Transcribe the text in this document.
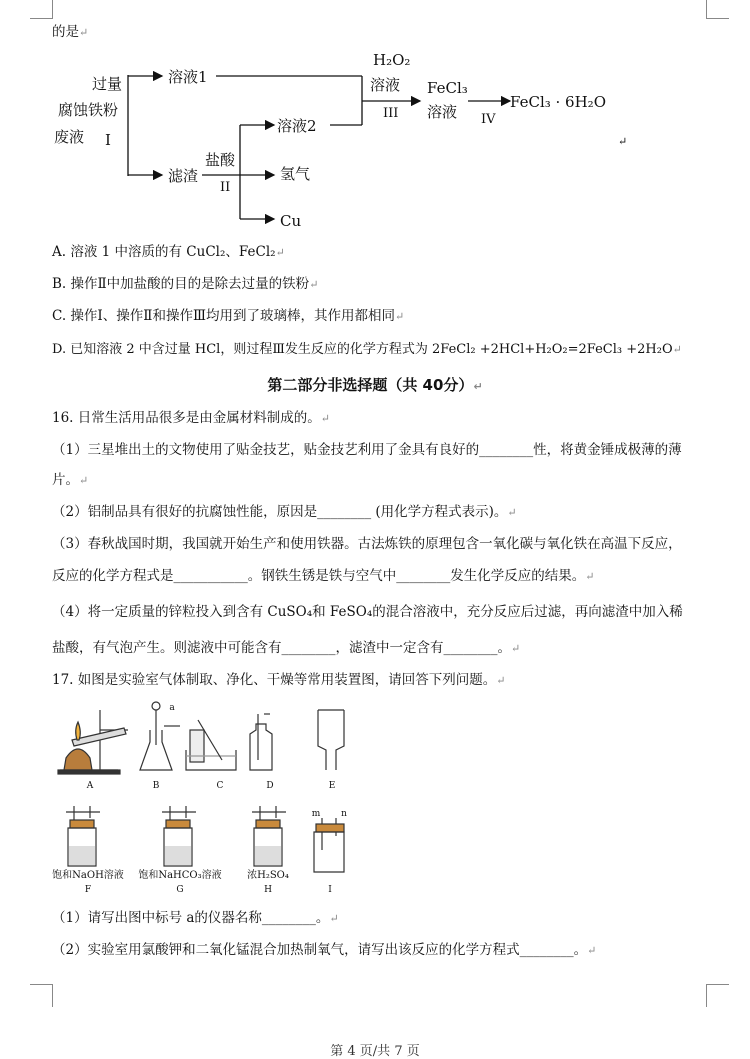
的是↵
过量
腐蚀铁粉
废液 I
溶液1
滤渣
盐酸
II
溶液2
氢气
Cu
H₂O₂
溶液
III
FeCl₃
溶液 IV
FeCl₃ · 6H₂O
↵
A. 溶液 1 中溶质的有 CuCl₂、FeCl₂↵
B. 操作Ⅱ中加盐酸的目的是除去过量的铁粉↵
C. 操作Ⅰ、操作Ⅱ和操作Ⅲ均用到了玻璃棒，其作用都相同↵
D. 已知溶液 2 中含过量 HCl，则过程Ⅲ发生反应的化学方程式为 2FeCl₂ +2HCl+H₂O₂=2FeCl₃ +2H₂O↵
第二部分非选择题（共 40分）↵
16. 日常生活用品很多是由金属材料制成的。↵
（1）三星堆出土的文物使用了贴金技艺，贴金技艺利用了金具有良好的________性，将黄金锤成极薄的薄
片。↵
（2）铝制品具有很好的抗腐蚀性能，原因是________ (用化学方程式表示)。↵
（3）春秋战国时期，我国就开始生产和使用铁器。古法炼铁的原理包含一氧化碳与氧化铁在高温下反应，
反应的化学方程式是___________。钢铁生锈是铁与空气中________发生化学反应的结果。↵
（4）将一定质量的锌粒投入到含有 CuSO₄和 FeSO₄的混合溶液中，充分反应后过滤，再向滤渣中加入稀
盐酸，有气泡产生。则滤液中可能含有________，滤渣中一定含有________。↵
17. 如图是实验室气体制取、净化、干燥等常用装置图，请回答下列问题。↵
A	B	C	D	E
a
饱和NaOH溶液 饱和NaHCO₃溶液	浓H₂SO₄
F	G	H	I
m n
（1）请写出图中标号 a的仪器名称________。↵
（2）实验室用氯酸钾和二氧化锰混合加热制氧气，请写出该反应的化学方程式________。↵
第 4 页/共 7 页
